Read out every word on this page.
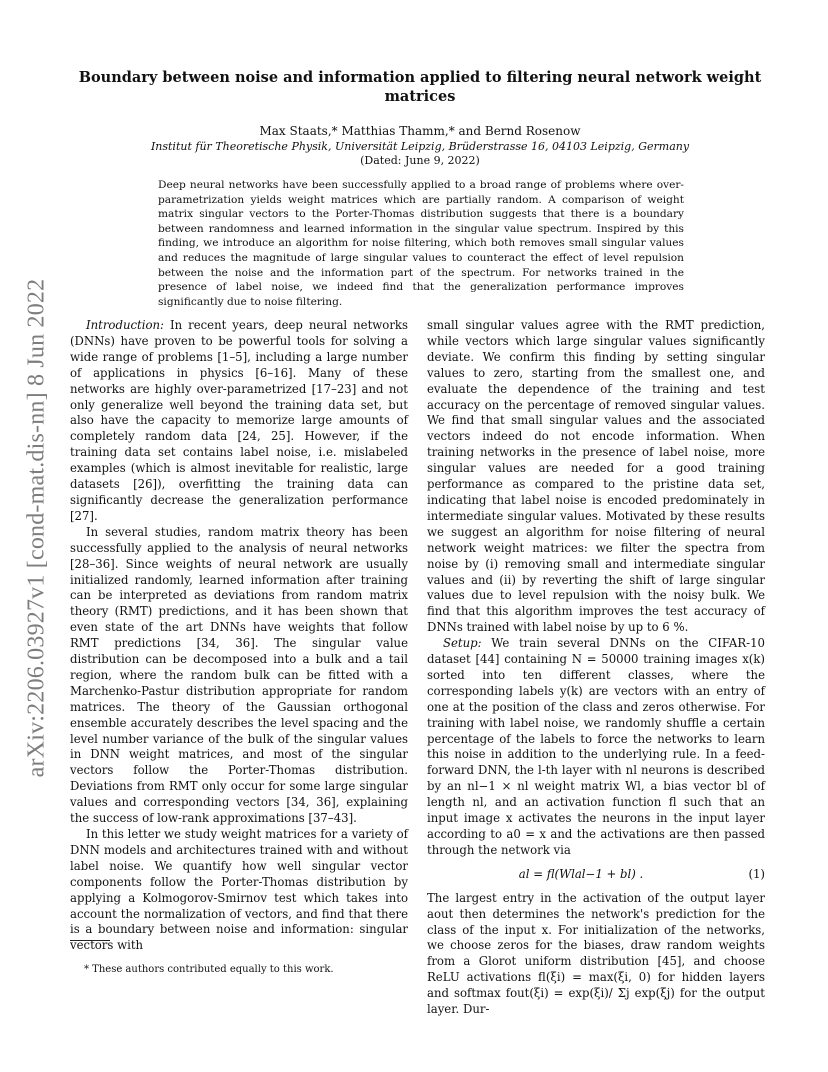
arXiv:2206.03927v1 [cond-mat.dis-nn] 8 Jun 2022
Boundary between noise and information applied to filtering neural network weight matrices
Max Staats,* Matthias Thamm,* and Bernd Rosenow
Institut für Theoretische Physik, Universität Leipzig, Brüderstrasse 16, 04103 Leipzig, Germany
(Dated: June 9, 2022)
Deep neural networks have been successfully applied to a broad range of problems where over-parametrization yields weight matrices which are partially random. A comparison of weight matrix singular vectors to the Porter-Thomas distribution suggests that there is a boundary between randomness and learned information in the singular value spectrum. Inspired by this finding, we introduce an algorithm for noise filtering, which both removes small singular values and reduces the magnitude of large singular values to counteract the effect of level repulsion between the noise and the information part of the spectrum. For networks trained in the presence of label noise, we indeed find that the generalization performance improves significantly due to noise filtering.

Introduction: In recent years, deep neural networks (DNNs) have proven to be powerful tools for solving a wide range of problems [1–5], including a large number of applications in physics [6–16]. Many of these networks are highly over-parametrized [17–23] and not only generalize well beyond the training data set, but also have the capacity to memorize large amounts of completely random data [24, 25]. However, if the training data set contains label noise, i.e. mislabeled examples (which is almost inevitable for realistic, large datasets [26]), overfitting the training data can significantly decrease the generalization performance [27].

In several studies, random matrix theory has been successfully applied to the analysis of neural networks [28–36]. Since weights of neural network are usually initialized randomly, learned information after training can be interpreted as deviations from random matrix theory (RMT) predictions, and it has been shown that even state of the art DNNs have weights that follow RMT predictions [34, 36]. The singular value distribution can be decomposed into a bulk and a tail region, where the random bulk can be fitted with a Marchenko-Pastur distribution appropriate for random matrices. The theory of the Gaussian orthogonal ensemble accurately describes the level spacing and the level number variance of the bulk of the singular values in DNN weight matrices, and most of the singular vectors follow the Porter-Thomas distribution. Deviations from RMT only occur for some large singular values and corresponding vectors [34, 36], explaining the success of low-rank approximations [37–43].

In this letter we study weight matrices for a variety of DNN models and architectures trained with and without label noise. We quantify how well singular vector components follow the Porter-Thomas distribution by applying a Kolmogorov-Smirnov test which takes into account the normalization of vectors, and find that there is a boundary between noise and information: singular vectors with

small singular values agree with the RMT prediction, while vectors which large singular values significantly deviate. We confirm this finding by setting singular values to zero, starting from the smallest one, and evaluate the dependence of the training and test accuracy on the percentage of removed singular values. We find that small singular values and the associated vectors indeed do not encode information. When training networks in the presence of label noise, more singular values are needed for a good training performance as compared to the pristine data set, indicating that label noise is encoded predominately in intermediate singular values. Motivated by these results we suggest an algorithm for noise filtering of neural network weight matrices: we filter the spectra from noise by (i) removing small and intermediate singular values and (ii) by reverting the shift of large singular values due to level repulsion with the noisy bulk. We find that this algorithm improves the test accuracy of DNNs trained with label noise by up to 6 %.

Setup: We train several DNNs on the CIFAR-10 dataset [44] containing N = 50000 training images x(k) sorted into ten different classes, where the corresponding labels y(k) are vectors with an entry of one at the position of the class and zeros otherwise. For training with label noise, we randomly shuffle a certain percentage of the labels to force the networks to learn this noise in addition to the underlying rule. In a feed-forward DNN, the l-th layer with nl neurons is described by an nl−1 × nl weight matrix Wl, a bias vector bl of length nl, and an activation function fl such that an input image x activates the neurons in the input layer according to a0 = x and the activations are then passed through the network via

al = fl(Wlal−1 + bl) .	(1)

The largest entry in the activation of the output layer aout then determines the network's prediction for the class of the input x. For initialization of the networks, we choose zeros for the biases, draw random weights from a Glorot uniform distribution [45], and choose ReLU activations fl(ξi) = max(ξi, 0) for hidden layers and softmax fout(ξi) = exp(ξi)/ Σj exp(ξj) for the output layer. Dur-

* These authors contributed equally to this work.
